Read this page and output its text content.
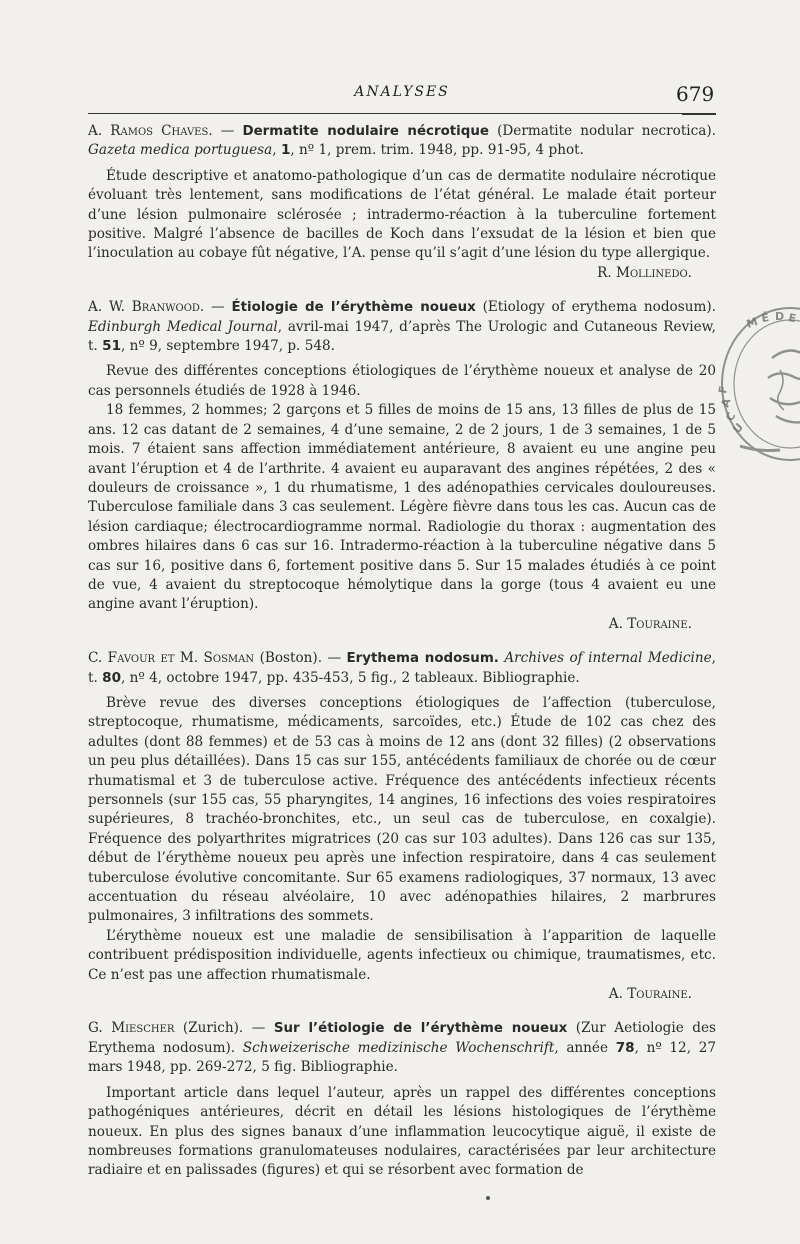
ANALYSES	679

A. Ramos Chaves. — Dermatite nodulaire nécrotique (Dermatite nodular necrotica). Gazeta medica portuguesa, 1, nº 1, prem. trim. 1948, pp. 91-95, 4 phot.

Étude descriptive et anatomo-pathologique d’un cas de dermatite nodulaire nécrotique évoluant très lentement, sans modifications de l’état général. Le malade était porteur d’une lésion pulmonaire sclérosée ; intradermo-réaction à la tuberculine fortement positive. Malgré l’absence de bacilles de Koch dans l’exsudat de la lésion et bien que l’inoculation au cobaye fût négative, l’A. pense qu’il s’agit d’une lésion du type allergique.

R. Mollinedo.

A. W. Branwood. — Étiologie de l’érythème noueux (Etiology of erythema nodosum). Edinburgh Medical Journal, avril-mai 1947, d’après The Urologic and Cutaneous Review, t. 51, nº 9, septembre 1947, p. 548.

Revue des différentes conceptions étiologiques de l’érythème noueux et analyse de 20 cas personnels étudiés de 1928 à 1946.

18 femmes, 2 hommes; 2 garçons et 5 filles de moins de 15 ans, 13 filles de plus de 15 ans. 12 cas datant de 2 semaines, 4 d’une semaine, 2 de 2 jours, 1 de 3 semaines, 1 de 5 mois. 7 étaient sans affection immédiatement antérieure, 8 avaient eu une angine peu avant l’éruption et 4 de l’arthrite. 4 avaient eu auparavant des angines répétées, 2 des « douleurs de croissance », 1 du rhumatisme, 1 des adénopathies cervicales douloureuses. Tuberculose familiale dans 3 cas seulement. Légère fièvre dans tous les cas. Aucun cas de lésion cardiaque; électrocardiogramme normal. Radiologie du thorax : augmentation des ombres hilaires dans 6 cas sur 16. Intradermo-réaction à la tuberculine négative dans 5 cas sur 16, positive dans 6, fortement positive dans 5. Sur 15 malades étudiés à ce point de vue, 4 avaient du streptocoque hémolytique dans la gorge (tous 4 avaient eu une angine avant l’éruption).

A. Touraine.

C. Favour et M. Sosman (Boston). — Erythema nodosum. Archives of internal Medicine, t. 80, nº 4, octobre 1947, pp. 435-453, 5 fig., 2 tableaux. Bibliographie.

Brève revue des diverses conceptions étiologiques de l’affection (tuberculose, streptocoque, rhumatisme, médicaments, sarcoïdes, etc.) Étude de 102 cas chez des adultes (dont 88 femmes) et de 53 cas à moins de 12 ans (dont 32 filles) (2 observations un peu plus détaillées). Dans 15 cas sur 155, antécédents familiaux de chorée ou de cœur rhumatismal et 3 de tuberculose active. Fréquence des antécédents infectieux récents personnels (sur 155 cas, 55 pharyngites, 14 angines, 16 infections des voies respiratoires supérieures, 8 trachéo-bronchites, etc., un seul cas de tuberculose, en coxalgie). Fréquence des polyarthrites migratrices (20 cas sur 103 adultes). Dans 126 cas sur 135, début de l’érythème noueux peu après une infection respiratoire, dans 4 cas seulement tuberculose évolutive concomitante. Sur 65 examens radiologiques, 37 normaux, 13 avec accentuation du réseau alvéolaire, 10 avec adénopathies hilaires, 2 marbrures pulmonaires, 3 infiltrations des sommets.

L’érythème noueux est une maladie de sensibilisation à l’apparition de laquelle contribuent prédisposition individuelle, agents infectieux ou chimique, traumatismes, etc. Ce n’est pas une affection rhumatismale.

A. Touraine.

G. Miescher (Zurich). — Sur l’étiologie de l’érythème noueux (Zur Aetiologie des Erythema nodosum). Schweizerische medizinische Wochenschrift, année 78, nº 12, 27 mars 1948, pp. 269-272, 5 fig. Bibliographie.

Important article dans lequel l’auteur, après un rappel des différentes conceptions pathogéniques antérieures, décrit en détail les lésions histologiques de l’érythème noueux. En plus des signes banaux d’une inflammation leucocytique aiguë, il existe de nombreuses formations granulomateuses nodulaires, caractérisées par leur architecture radiaire et en palissades (figures) et qui se résorbent avec formation de

M É D E
F
A
C
U
